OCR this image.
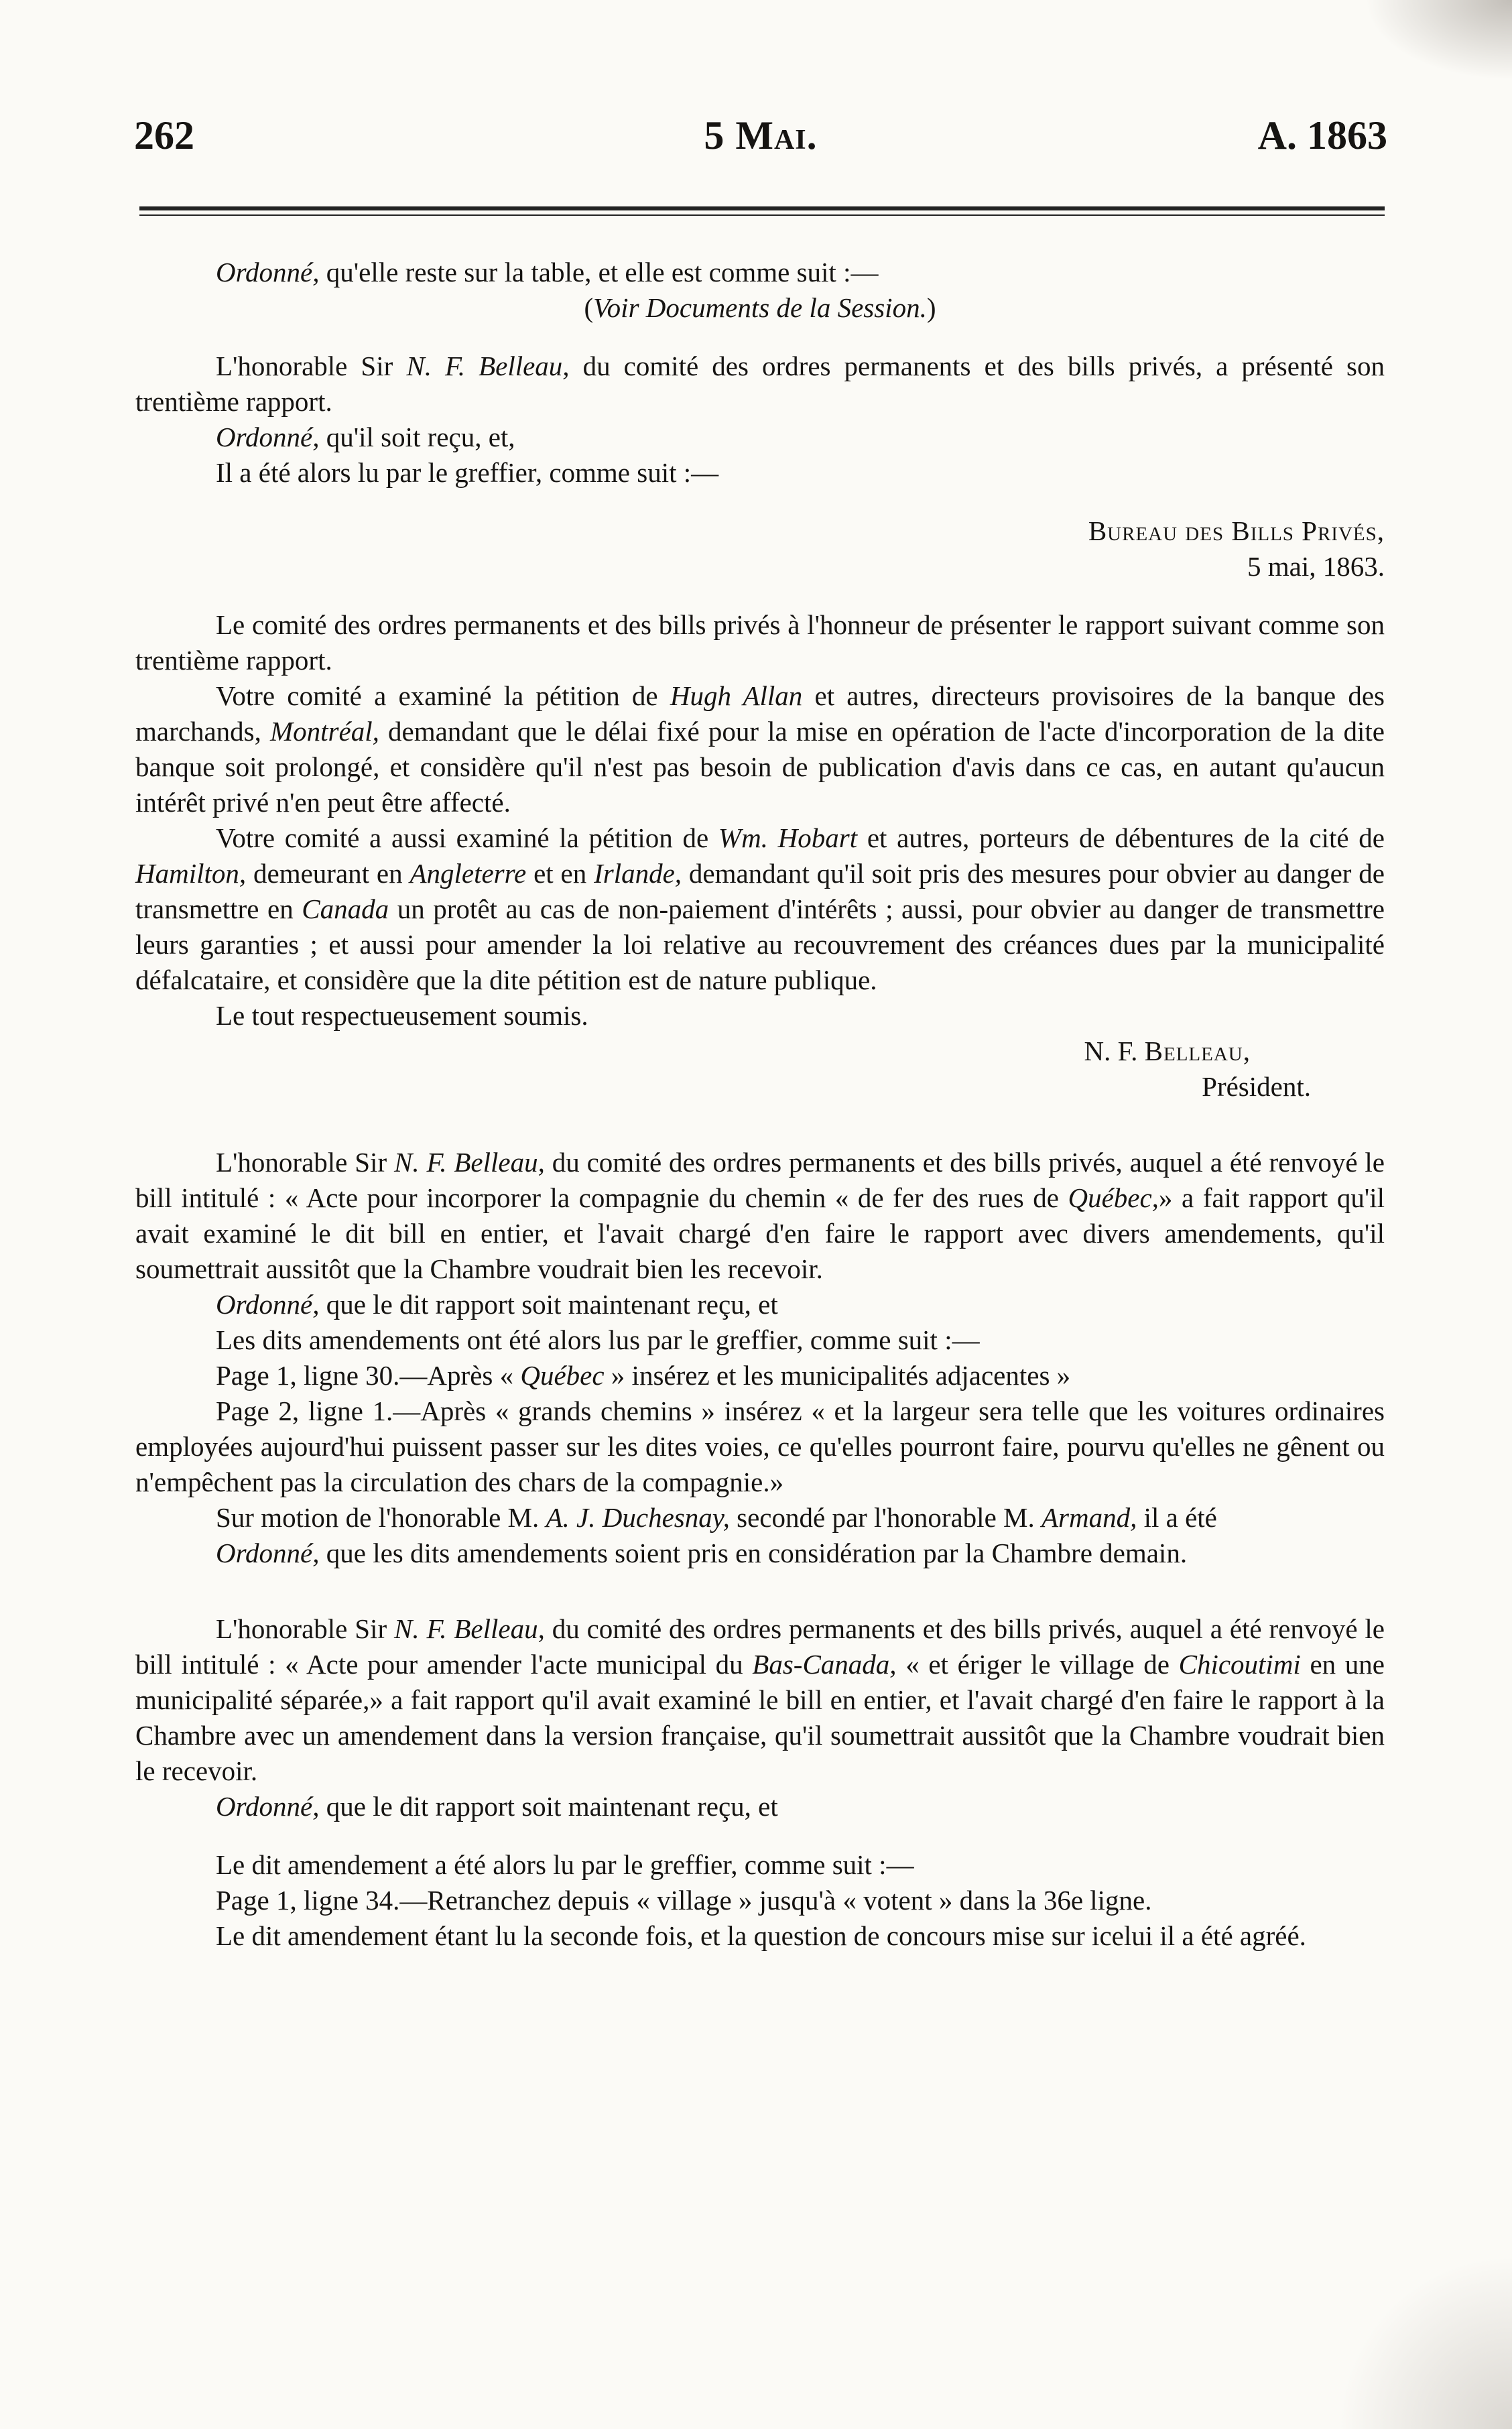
262	5 Mai.	A. 1863

Ordonné, qu'elle reste sur la table, et elle est comme suit :—

(Voir Documents de la Session.)

L'honorable Sir N. F. Belleau, du comité des ordres permanents et des bills privés, a présenté son trentième rapport.

Ordonné, qu'il soit reçu, et,

Il a été alors lu par le greffier, comme suit :—

Bureau des Bills Privés,

5 mai, 1863.

Le comité des ordres permanents et des bills privés à l'honneur de présenter le rapport suivant comme son trentième rapport.

Votre comité a examiné la pétition de Hugh Allan et autres, directeurs provisoires de la banque des marchands, Montréal, demandant que le délai fixé pour la mise en opération de l'acte d'incorporation de la dite banque soit prolongé, et considère qu'il n'est pas besoin de publication d'avis dans ce cas, en autant qu'aucun intérêt privé n'en peut être affecté.

Votre comité a aussi examiné la pétition de Wm. Hobart et autres, porteurs de débentures de la cité de Hamilton, demeurant en Angleterre et en Irlande, demandant qu'il soit pris des mesures pour obvier au danger de transmettre en Canada un protêt au cas de non-paiement d'intérêts ; aussi, pour obvier au danger de transmettre leurs garanties ; et aussi pour amender la loi relative au recouvrement des créances dues par la municipalité défalcataire, et considère que la dite pétition est de nature publique.

Le tout respectueusement soumis.

N. F. Belleau,

Président.

L'honorable Sir N. F. Belleau, du comité des ordres permanents et des bills privés, auquel a été renvoyé le bill intitulé : « Acte pour incorporer la compagnie du chemin « de fer des rues de Québec,» a fait rapport qu'il avait examiné le dit bill en entier, et l'avait chargé d'en faire le rapport avec divers amendements, qu'il soumettrait aussitôt que la Chambre voudrait bien les recevoir.

Ordonné, que le dit rapport soit maintenant reçu, et

Les dits amendements ont été alors lus par le greffier, comme suit :—

Page 1, ligne 30.—Après « Québec » insérez et les municipalités adjacentes »

Page 2, ligne 1.—Après « grands chemins » insérez « et la largeur sera telle que les voitures ordinaires employées aujourd'hui puissent passer sur les dites voies, ce qu'elles pourront faire, pourvu qu'elles ne gênent ou n'empêchent pas la circulation des chars de la compagnie.»

Sur motion de l'honorable M. A. J. Duchesnay, secondé par l'honorable M. Armand, il a été

Ordonné, que les dits amendements soient pris en considération par la Chambre demain.

L'honorable Sir N. F. Belleau, du comité des ordres permanents et des bills privés, auquel a été renvoyé le bill intitulé : « Acte pour amender l'acte municipal du Bas-Canada, « et ériger le village de Chicoutimi en une municipalité séparée,» a fait rapport qu'il avait examiné le bill en entier, et l'avait chargé d'en faire le rapport à la Chambre avec un amendement dans la version française, qu'il soumettrait aussitôt que la Chambre voudrait bien le recevoir.

Ordonné, que le dit rapport soit maintenant reçu, et

Le dit amendement a été alors lu par le greffier, comme suit :—

Page 1, ligne 34.—Retranchez depuis « village » jusqu'à « votent » dans la 36e ligne.

Le dit amendement étant lu la seconde fois, et la question de concours mise sur icelui il a été agréé.
